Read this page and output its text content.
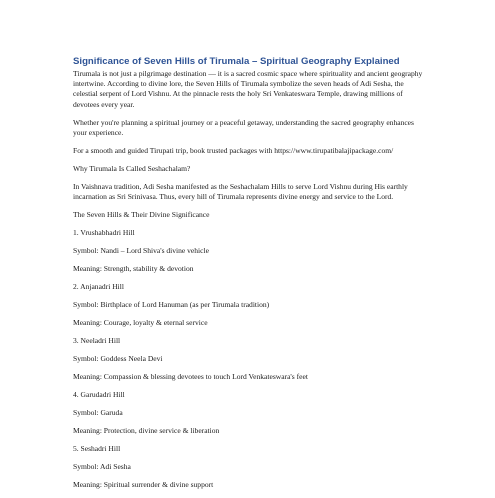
Significance of Seven Hills of Tirumala – Spiritual Geography Explained

Tirumala is not just a pilgrimage destination — it is a sacred cosmic space where spirituality and ancient geography intertwine. According to divine lore, the Seven Hills of Tirumala symbolize the seven heads of Adi Sesha, the celestial serpent of Lord Vishnu. At the pinnacle rests the holy Sri Venkateswara Temple, drawing millions of devotees every year.

Whether you're planning a spiritual journey or a peaceful getaway, understanding the sacred geography enhances your experience.

For a smooth and guided Tirupati trip, book trusted packages with https://www.tirupatibalajipackage.com/

Why Tirumala Is Called Seshachalam?

In Vaishnava tradition, Adi Sesha manifested as the Seshachalam Hills to serve Lord Vishnu during His earthly incarnation as Sri Srinivasa. Thus, every hill of Tirumala represents divine energy and service to the Lord.

The Seven Hills & Their Divine Significance

1. Vrushabhadri Hill

Symbol: Nandi – Lord Shiva's divine vehicle

Meaning: Strength, stability & devotion

2. Anjanadri Hill

Symbol: Birthplace of Lord Hanuman (as per Tirumala tradition)

Meaning: Courage, loyalty & eternal service

3. Neeladri Hill

Symbol: Goddess Neela Devi

Meaning: Compassion & blessing devotees to touch Lord Venkateswara's feet

4. Garudadri Hill

Symbol: Garuda

Meaning: Protection, divine service & liberation

5. Seshadri Hill

Symbol: Adi Sesha

Meaning: Spiritual surrender & divine support
